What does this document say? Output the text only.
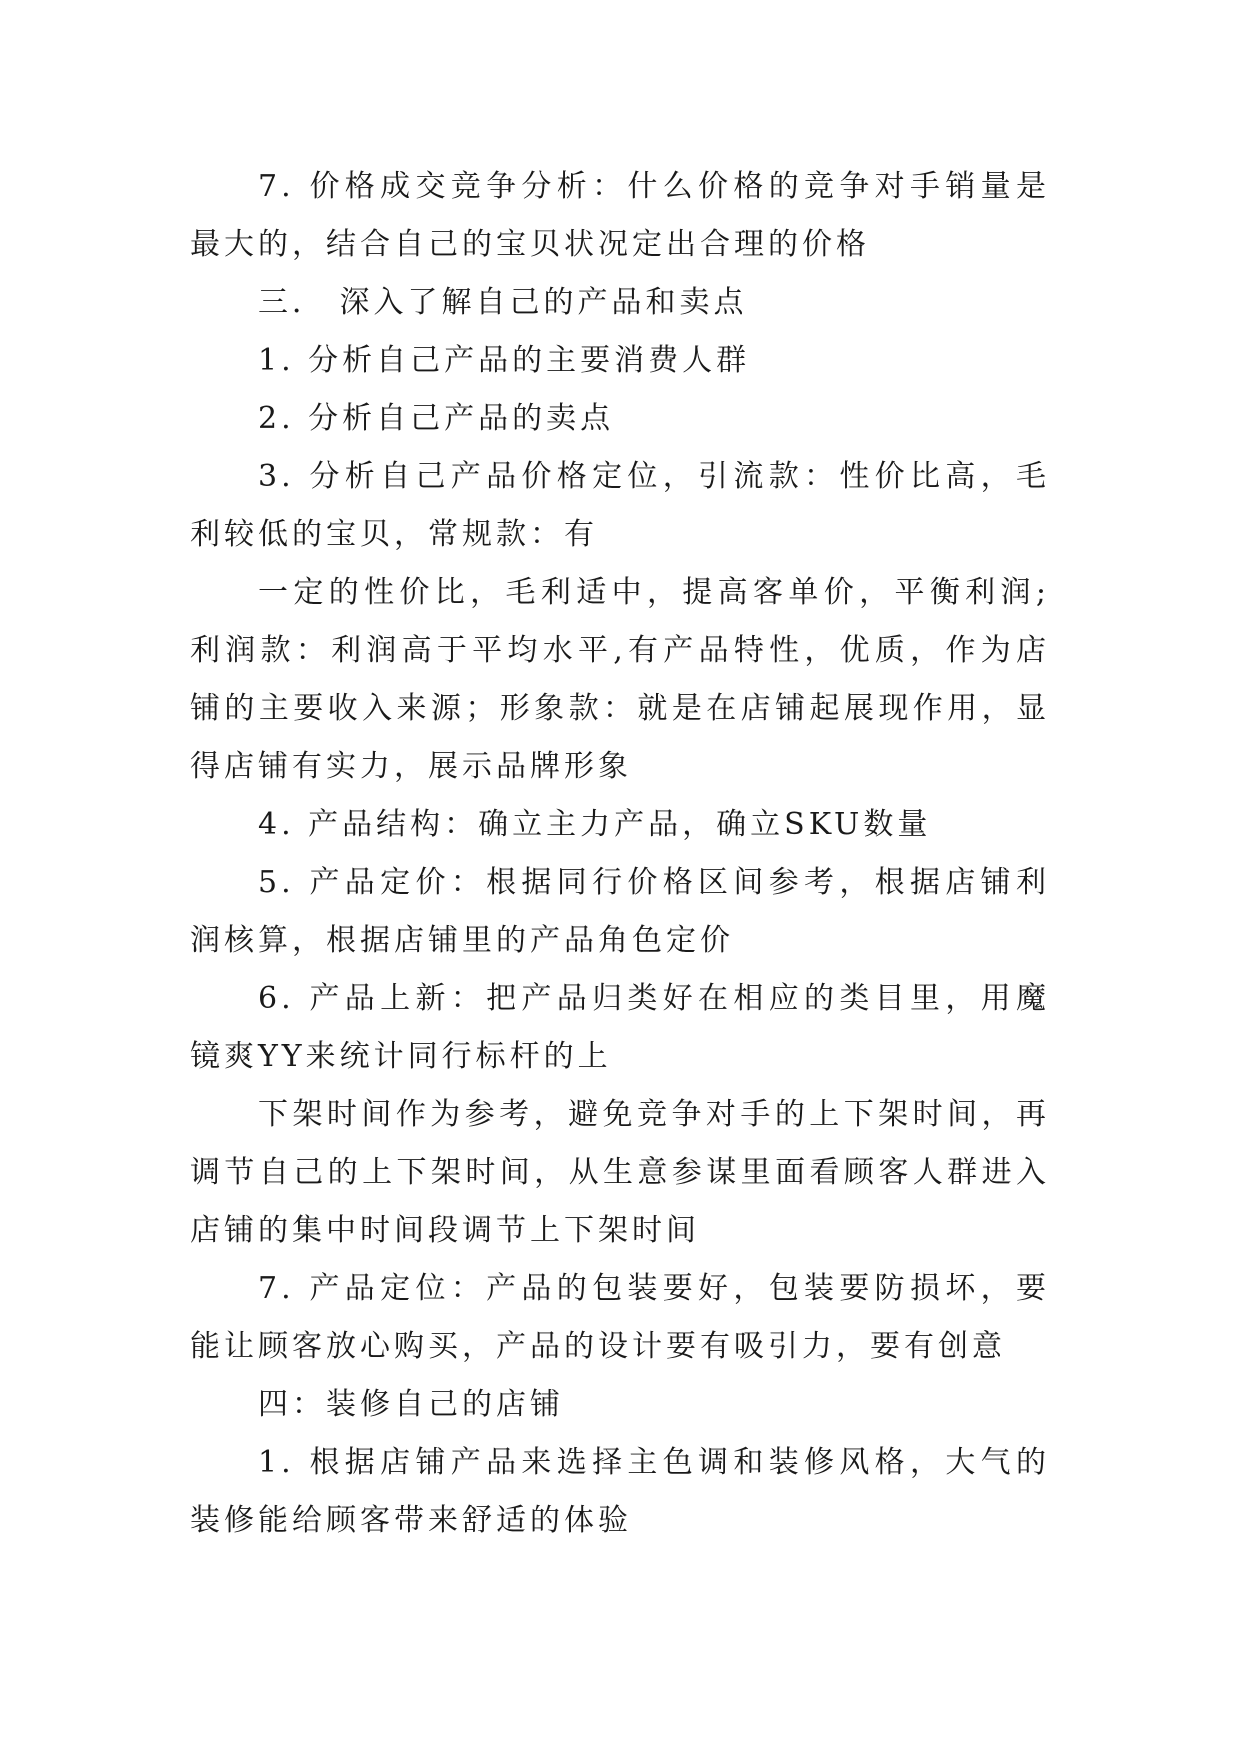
7. 价格成交竞争分析：什么价格的竞争对手销量是最大的，结合自己的宝贝状况定出合理的价格

三． 深入了解自己的产品和卖点

1. 分析自己产品的主要消费人群

2. 分析自己产品的卖点

3. 分析自己产品价格定位，引流款：性价比高，毛利较低的宝贝，常规款：有

一定的性价比，毛利适中，提高客单价，平衡利润;利润款：利润高于平均水平,有产品特性，优质，作为店铺的主要收入来源；形象款：就是在店铺起展现作用，显得店铺有实力，展示品牌形象

4. 产品结构：确立主力产品，确立SKU数量

5. 产品定价：根据同行价格区间参考，根据店铺利润核算，根据店铺里的产品角色定价

6. 产品上新：把产品归类好在相应的类目里，用魔镜爽YY来统计同行标杆的上

下架时间作为参考，避免竞争对手的上下架时间，再调节自己的上下架时间，从生意参谋里面看顾客人群进入店铺的集中时间段调节上下架时间

7. 产品定位：产品的包装要好，包装要防损坏，要能让顾客放心购买，产品的设计要有吸引力，要有创意

四：装修自己的店铺

1. 根据店铺产品来选择主色调和装修风格，大气的装修能给顾客带来舒适的体验
